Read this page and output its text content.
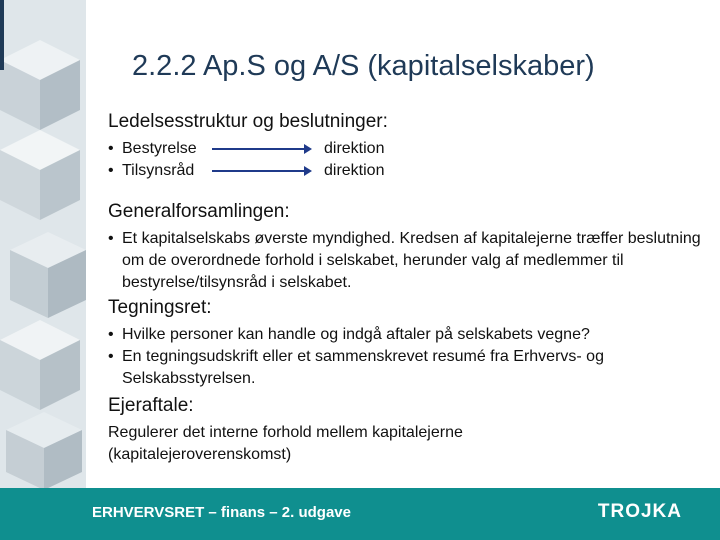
2.2.2 Ap.S og A/S (kapitalselskaber)

Ledelsesstruktur og beslutninger:

• Bestyrelse	direktion
• Tilsynsråd	direktion

Generalforsamlingen:

• Et kapitalselskabs øverste myndighed. Kredsen af kapitalejerne træffer beslutning om de overordnede forhold i selskabet, herunder valg af medlemmer til bestyrelse/tilsynsråd i selskabet.

Tegningsret:

• Hvilke personer kan handle og indgå aftaler på selskabets vegne?
• En tegningsudskrift eller et sammenskrevet resumé fra Erhvervs- og Selskabsstyrelsen.

Ejeraftale:

Regulerer det interne forhold mellem kapitalejerne (kapitalejeroverenskomst)

ERHVERVSRET – finans – 2. udgave	TROJKA
